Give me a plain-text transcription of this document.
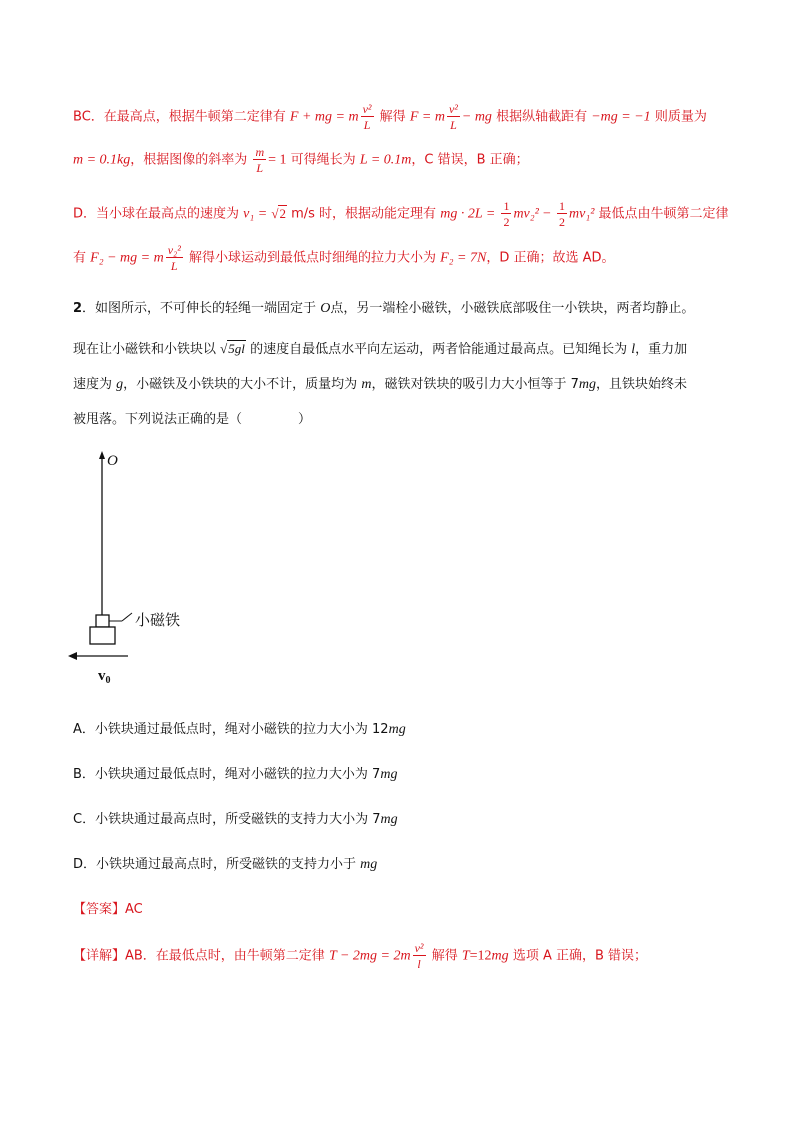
BC．在最高点，根据牛顿第二定律有 F + mg = m $\frac{\text{v²}}{L}$ 解得 F = m $\frac{\text{v²}}{L}$ − mg 根据纵轴截距有 −mg = −1 则质量为
m = 0.1kg，根据图像的斜率为 $\frac{m}{L} = 1$ 可得绳长为 L = 0.1m，C 错误，B 正确；
D．当小球在最高点的速度为 v₁ = √2 m/s 时，根据动能定理有 mg · $2L = \frac{1}{2} mv_2^2 - \frac{1}{2} mv_1^2$ 最低点由牛顿第二定律
有 F₂ − mg = m $\frac{\text{v₂²}}{L}$ 解得小球运动到最低点时细绳的拉力大小为 F₂ = 7N，D 正确；故选 AD。
2．如图所示，不可伸长的轻绳一端固定于 O点，另一端栓小磁铁，小磁铁底部吸住一小铁块，两者均静止。
现在让小磁铁和小铁块以 √5gl 的速度自最低点水平向左运动，两者恰能通过最高点。已知绳长为 l，重力加
速度为 g，小磁铁及小铁块的大小不计，质量均为 m，磁铁对铁块的吸引力大小恒等于 7mg，且铁块始终未
被甩落。下列说法正确的是（	）
O
小磁铁
$v_0$
A．小铁块通过最低点时，绳对小磁铁的拉力大小为 12mg
B．小铁块通过最低点时，绳对小磁铁的拉力大小为 7mg
C．小铁块通过最高点时，所受磁铁的支持力大小为 7mg
D．小铁块通过最高点时，所受磁铁的支持力小于 mg
【答案】AC
【详解】AB．在最低点时，由牛顿第二定律 $T - 2mg = 2m \frac{\text{v²}}{l}$ 解得 T=12mg 选项 A 正确，B 错误；
